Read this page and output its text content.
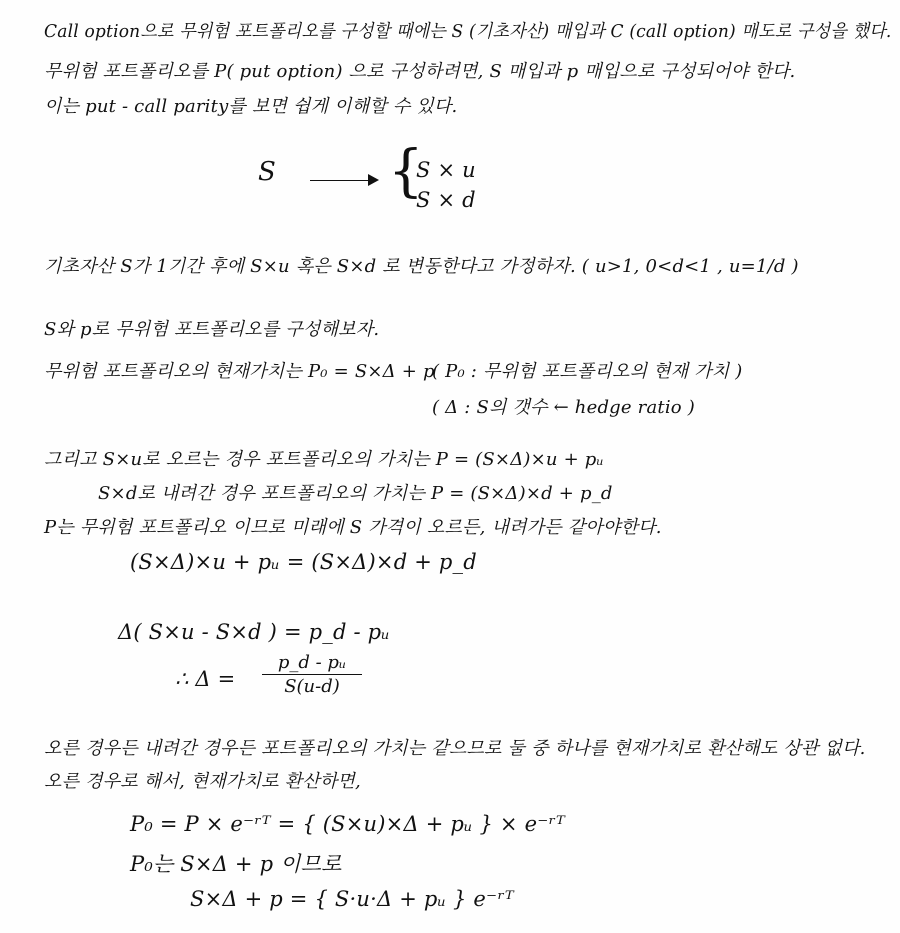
Call option으로 무위험 포트폴리오를 구성할 때에는 S (기초자산) 매입과 C (call option) 매도로 구성을 했다.
무위험 포트폴리오를 P( put option) 으로 구성하려면, S 매입과 p 매입으로 구성되어야 한다.
이는 put - call parity를 보면 쉽게 이해할 수 있다.
S {
S × u
S × d
기초자산 S가 1기간 후에 S×u 혹은 S×d 로 변동한다고 가정하자. ( u>1, 0<d<1 , u=1/d )
S와 p로 무위험 포트폴리오를 구성해보자.
무위험 포트폴리오의 현재가치는 P₀ = S×Δ + p
( P₀ : 무위험 포트폴리오의 현재 가치 )
( Δ : S의 갯수 ← hedge ratio )
그리고 S×u로 오르는 경우 포트폴리오의 가치는 P = (S×Δ)×u + pᵤ
S×d로 내려간 경우 포트폴리오의 가치는 P = (S×Δ)×d + p_d
P는 무위험 포트폴리오 이므로 미래에 S 가격이 오르든, 내려가든 같아야한다.
(S×Δ)×u + pᵤ = (S×Δ)×d + p_d
Δ( S×u - S×d ) = p_d - pᵤ
∴ Δ =
p_d - pᵤ
S(u-d)
오른 경우든 내려간 경우든 포트폴리오의 가치는 같으므로 둘 중 하나를 현재가치로 환산해도 상관 없다.
오른 경우로 해서, 현재가치로 환산하면,
P₀ = P × e⁻ʳᵀ = { (S×u)×Δ + pᵤ } × e⁻ʳᵀ
P₀는 S×Δ + p 이므로
S×Δ + p = { S·u·Δ + pᵤ } e⁻ʳᵀ
